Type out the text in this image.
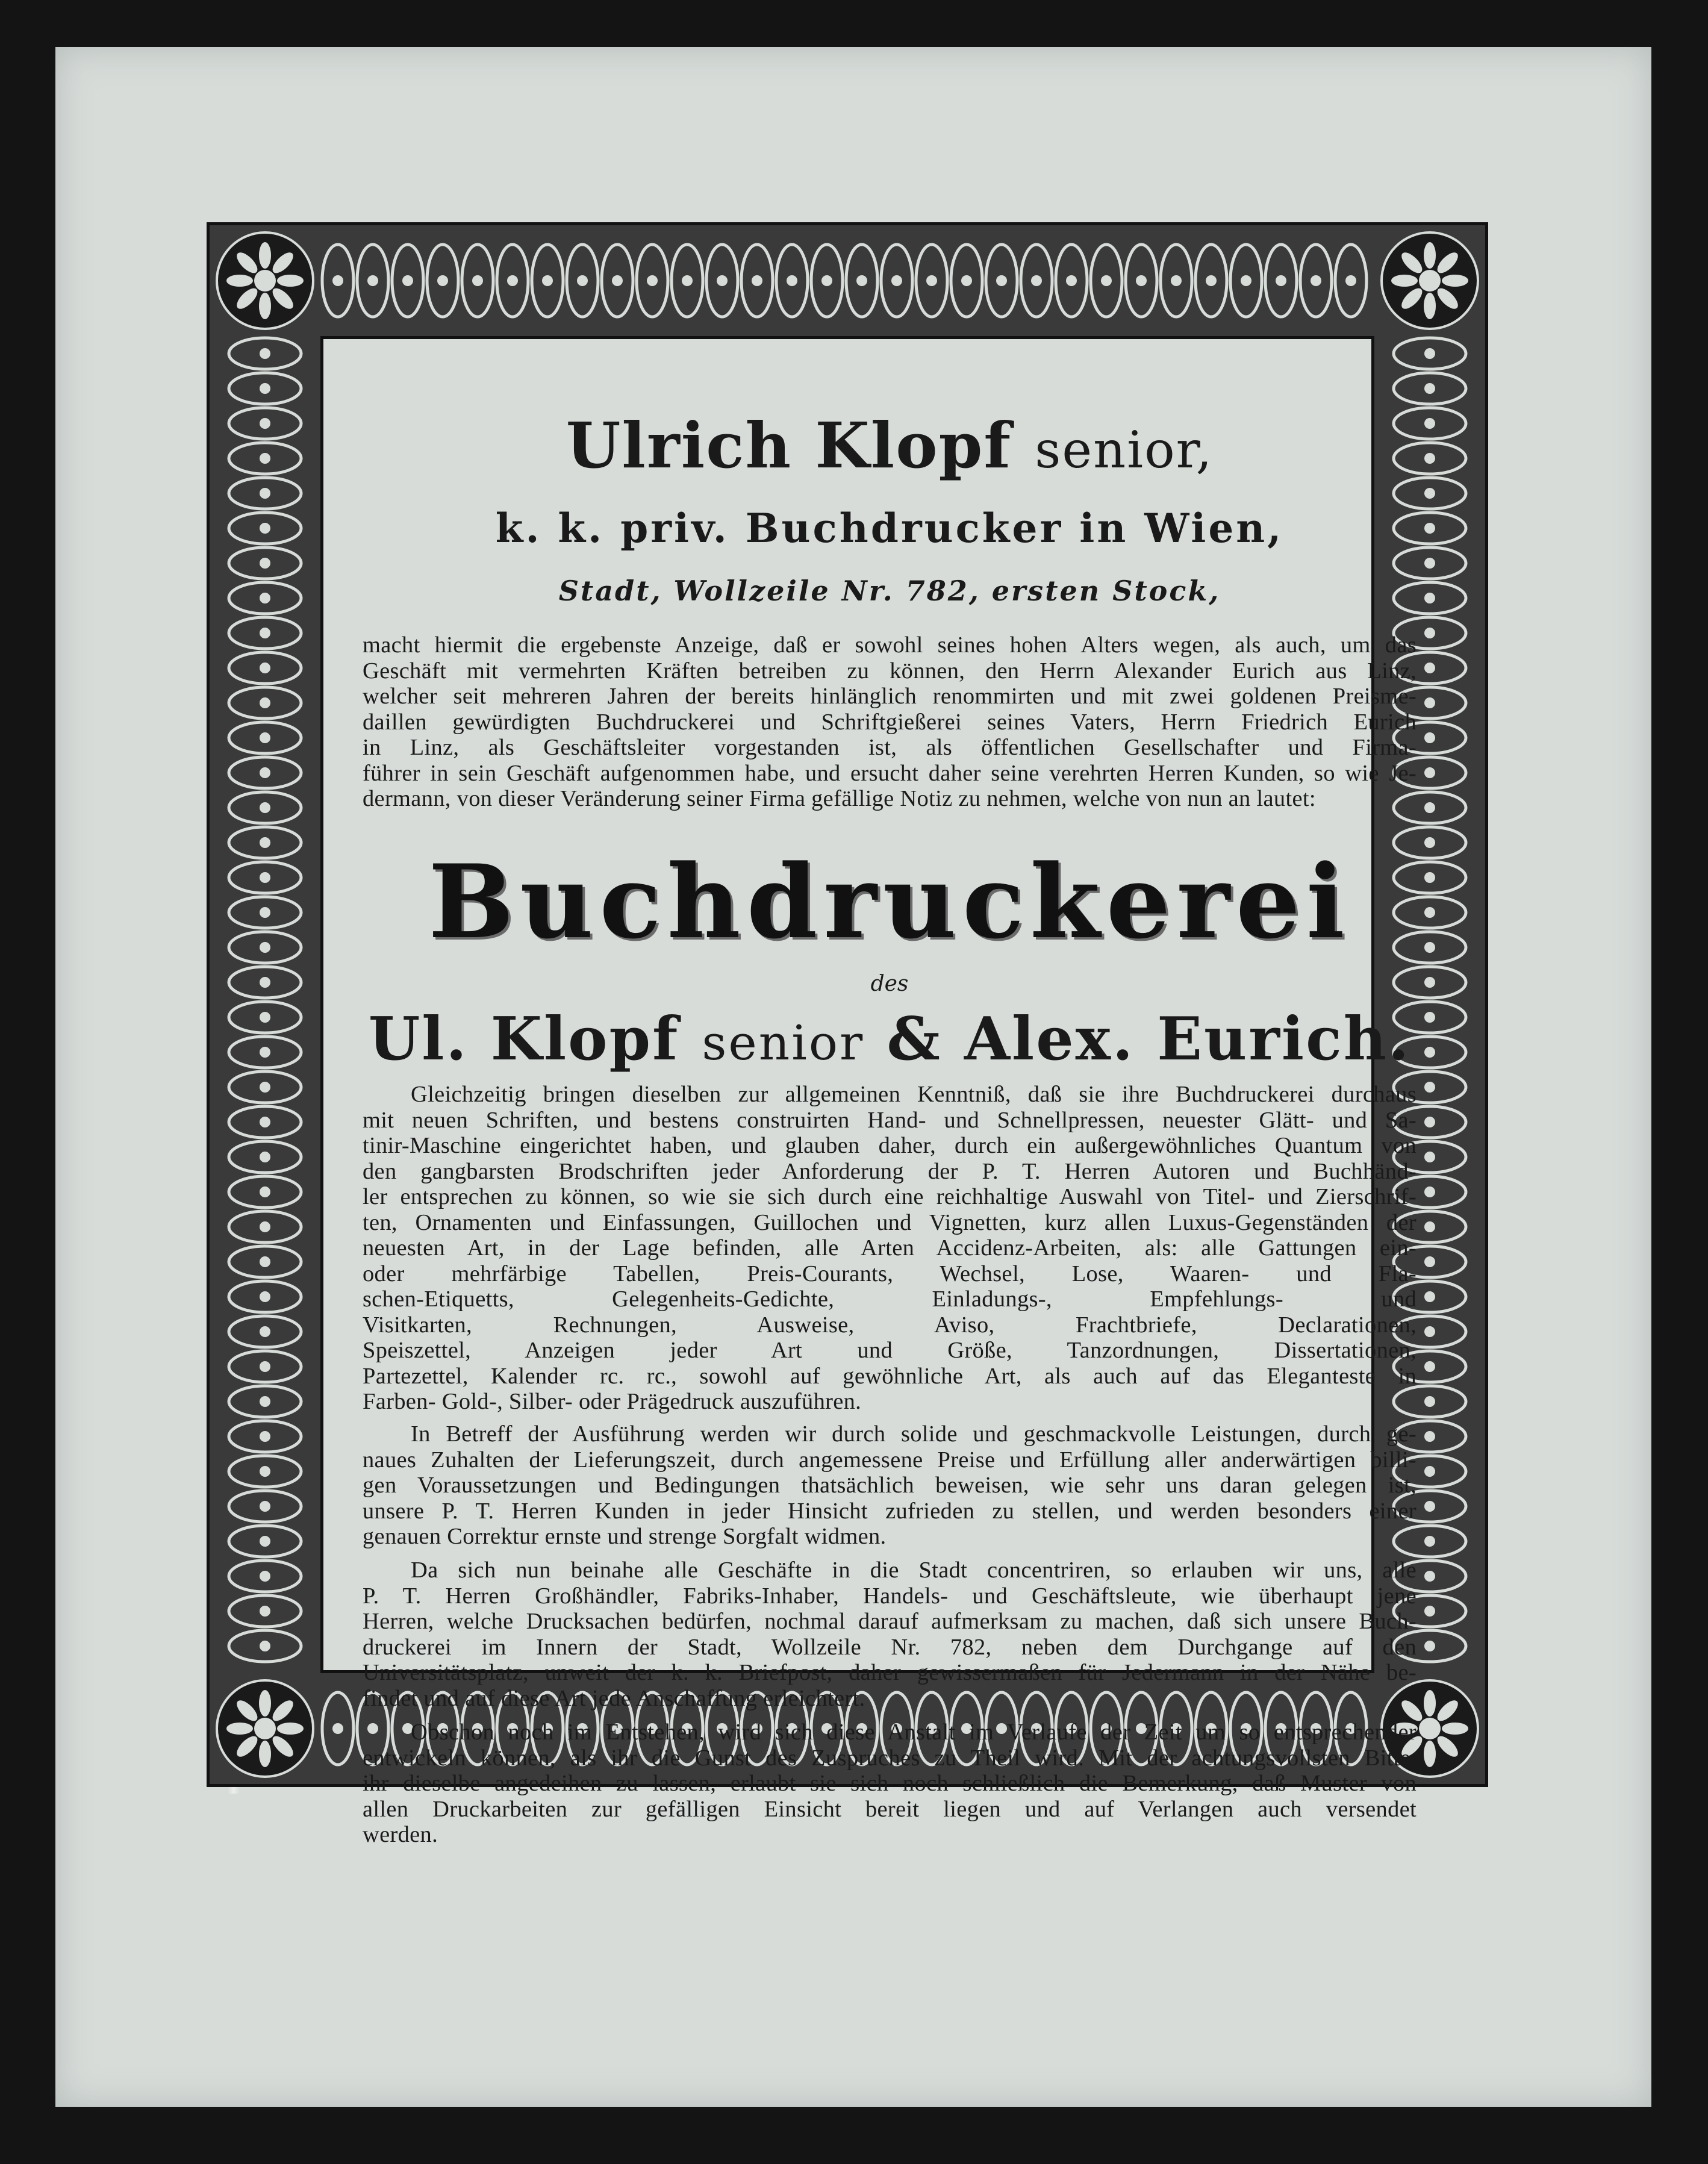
Ulrich Klopf senior,
k. k. priv. Buchdrucker in Wien,
Stadt, Wollzeile Nr. 782, ersten Stock,
macht hiermit die ergebenste Anzeige, daß er sowohl seines hohen Alters wegen, als auch, um das
Geschäft mit vermehrten Kräften betreiben zu können, den Herrn Alexander Eurich aus Linz,
welcher seit mehreren Jahren der bereits hinlänglich renommirten und mit zwei goldenen Preisme-
daillen gewürdigten Buchdruckerei und Schriftgießerei seines Vaters, Herrn Friedrich Eurich
in Linz, als Geschäftsleiter vorgestanden ist, als öffentlichen Gesellschafter und Firma-
führer in sein Geschäft aufgenommen habe, und ersucht daher seine verehrten Herren Kunden, so wie Je-
dermann, von dieser Veränderung seiner Firma gefällige Notiz zu nehmen, welche von nun an lautet:
Buchdruckerei
des
Ul. Klopf senior & Alex. Eurich.
Gleichzeitig bringen dieselben zur allgemeinen Kenntniß, daß sie ihre Buchdruckerei durchaus
mit neuen Schriften, und bestens construirten Hand- und Schnellpressen, neuester Glätt- und Sa-
tinir-Maschine eingerichtet haben, und glauben daher, durch ein außergewöhnliches Quantum von
den gangbarsten Brodschriften jeder Anforderung der P. T. Herren Autoren und Buchhänd-
ler entsprechen zu können, so wie sie sich durch eine reichhaltige Auswahl von Titel- und Zierschrif-
ten, Ornamenten und Einfassungen, Guillochen und Vignetten, kurz allen Luxus-Gegenständen der
neuesten Art, in der Lage befinden, alle Arten Accidenz-Arbeiten, als: alle Gattungen ein-
oder mehrfärbige Tabellen, Preis-Courants, Wechsel, Lose, Waaren- und Fla-
schen-Etiquetts, Gelegenheits-Gedichte, Einladungs-, Empfehlungs- und
Visitkarten, Rechnungen, Ausweise, Aviso, Frachtbriefe, Declarationen,
Speiszettel, Anzeigen jeder Art und Größe, Tanzordnungen, Dissertationen,
Partezettel, Kalender rc. rc., sowohl auf gewöhnliche Art, als auch auf das Eleganteste in
Farben- Gold-, Silber- oder Prägedruck auszuführen.
In Betreff der Ausführung werden wir durch solide und geschmackvolle Leistungen, durch ge-
naues Zuhalten der Lieferungszeit, durch angemessene Preise und Erfüllung aller anderwärtigen billi-
gen Voraussetzungen und Bedingungen thatsächlich beweisen, wie sehr uns daran gelegen ist,
unsere P. T. Herren Kunden in jeder Hinsicht zufrieden zu stellen, und werden besonders einer
genauen Correktur ernste und strenge Sorgfalt widmen.
Da sich nun beinahe alle Geschäfte in die Stadt concentriren, so erlauben wir uns, alle
P. T. Herren Großhändler, Fabriks-Inhaber, Handels- und Geschäftsleute, wie überhaupt jene
Herren, welche Drucksachen bedürfen, nochmal darauf aufmerksam zu machen, daß sich unsere Buch-
druckerei im Innern der Stadt, Wollzeile Nr. 782, neben dem Durchgange auf den
Universitätsplatz, unweit der k. k. Briefpost, daher gewissermaßen für Jedermann in der Nähe be-
findet und auf diese Art jede Anschaffung erleichtert.
Obschon noch im Entstehen, wird sich diese Anstalt im Verlaufe der Zeit um so entsprechender
entwickeln können, als ihr die Gunst des Zuspruches zu Theil wird. Mit der achtungsvollsten Bitte,
ihr dieselbe angedeihen zu lassen, erlaubt sie sich noch schließlich die Bemerkung, daß Muster von
allen Druckarbeiten zur gefälligen Einsicht bereit liegen und auf Verlangen auch versendet
werden.
